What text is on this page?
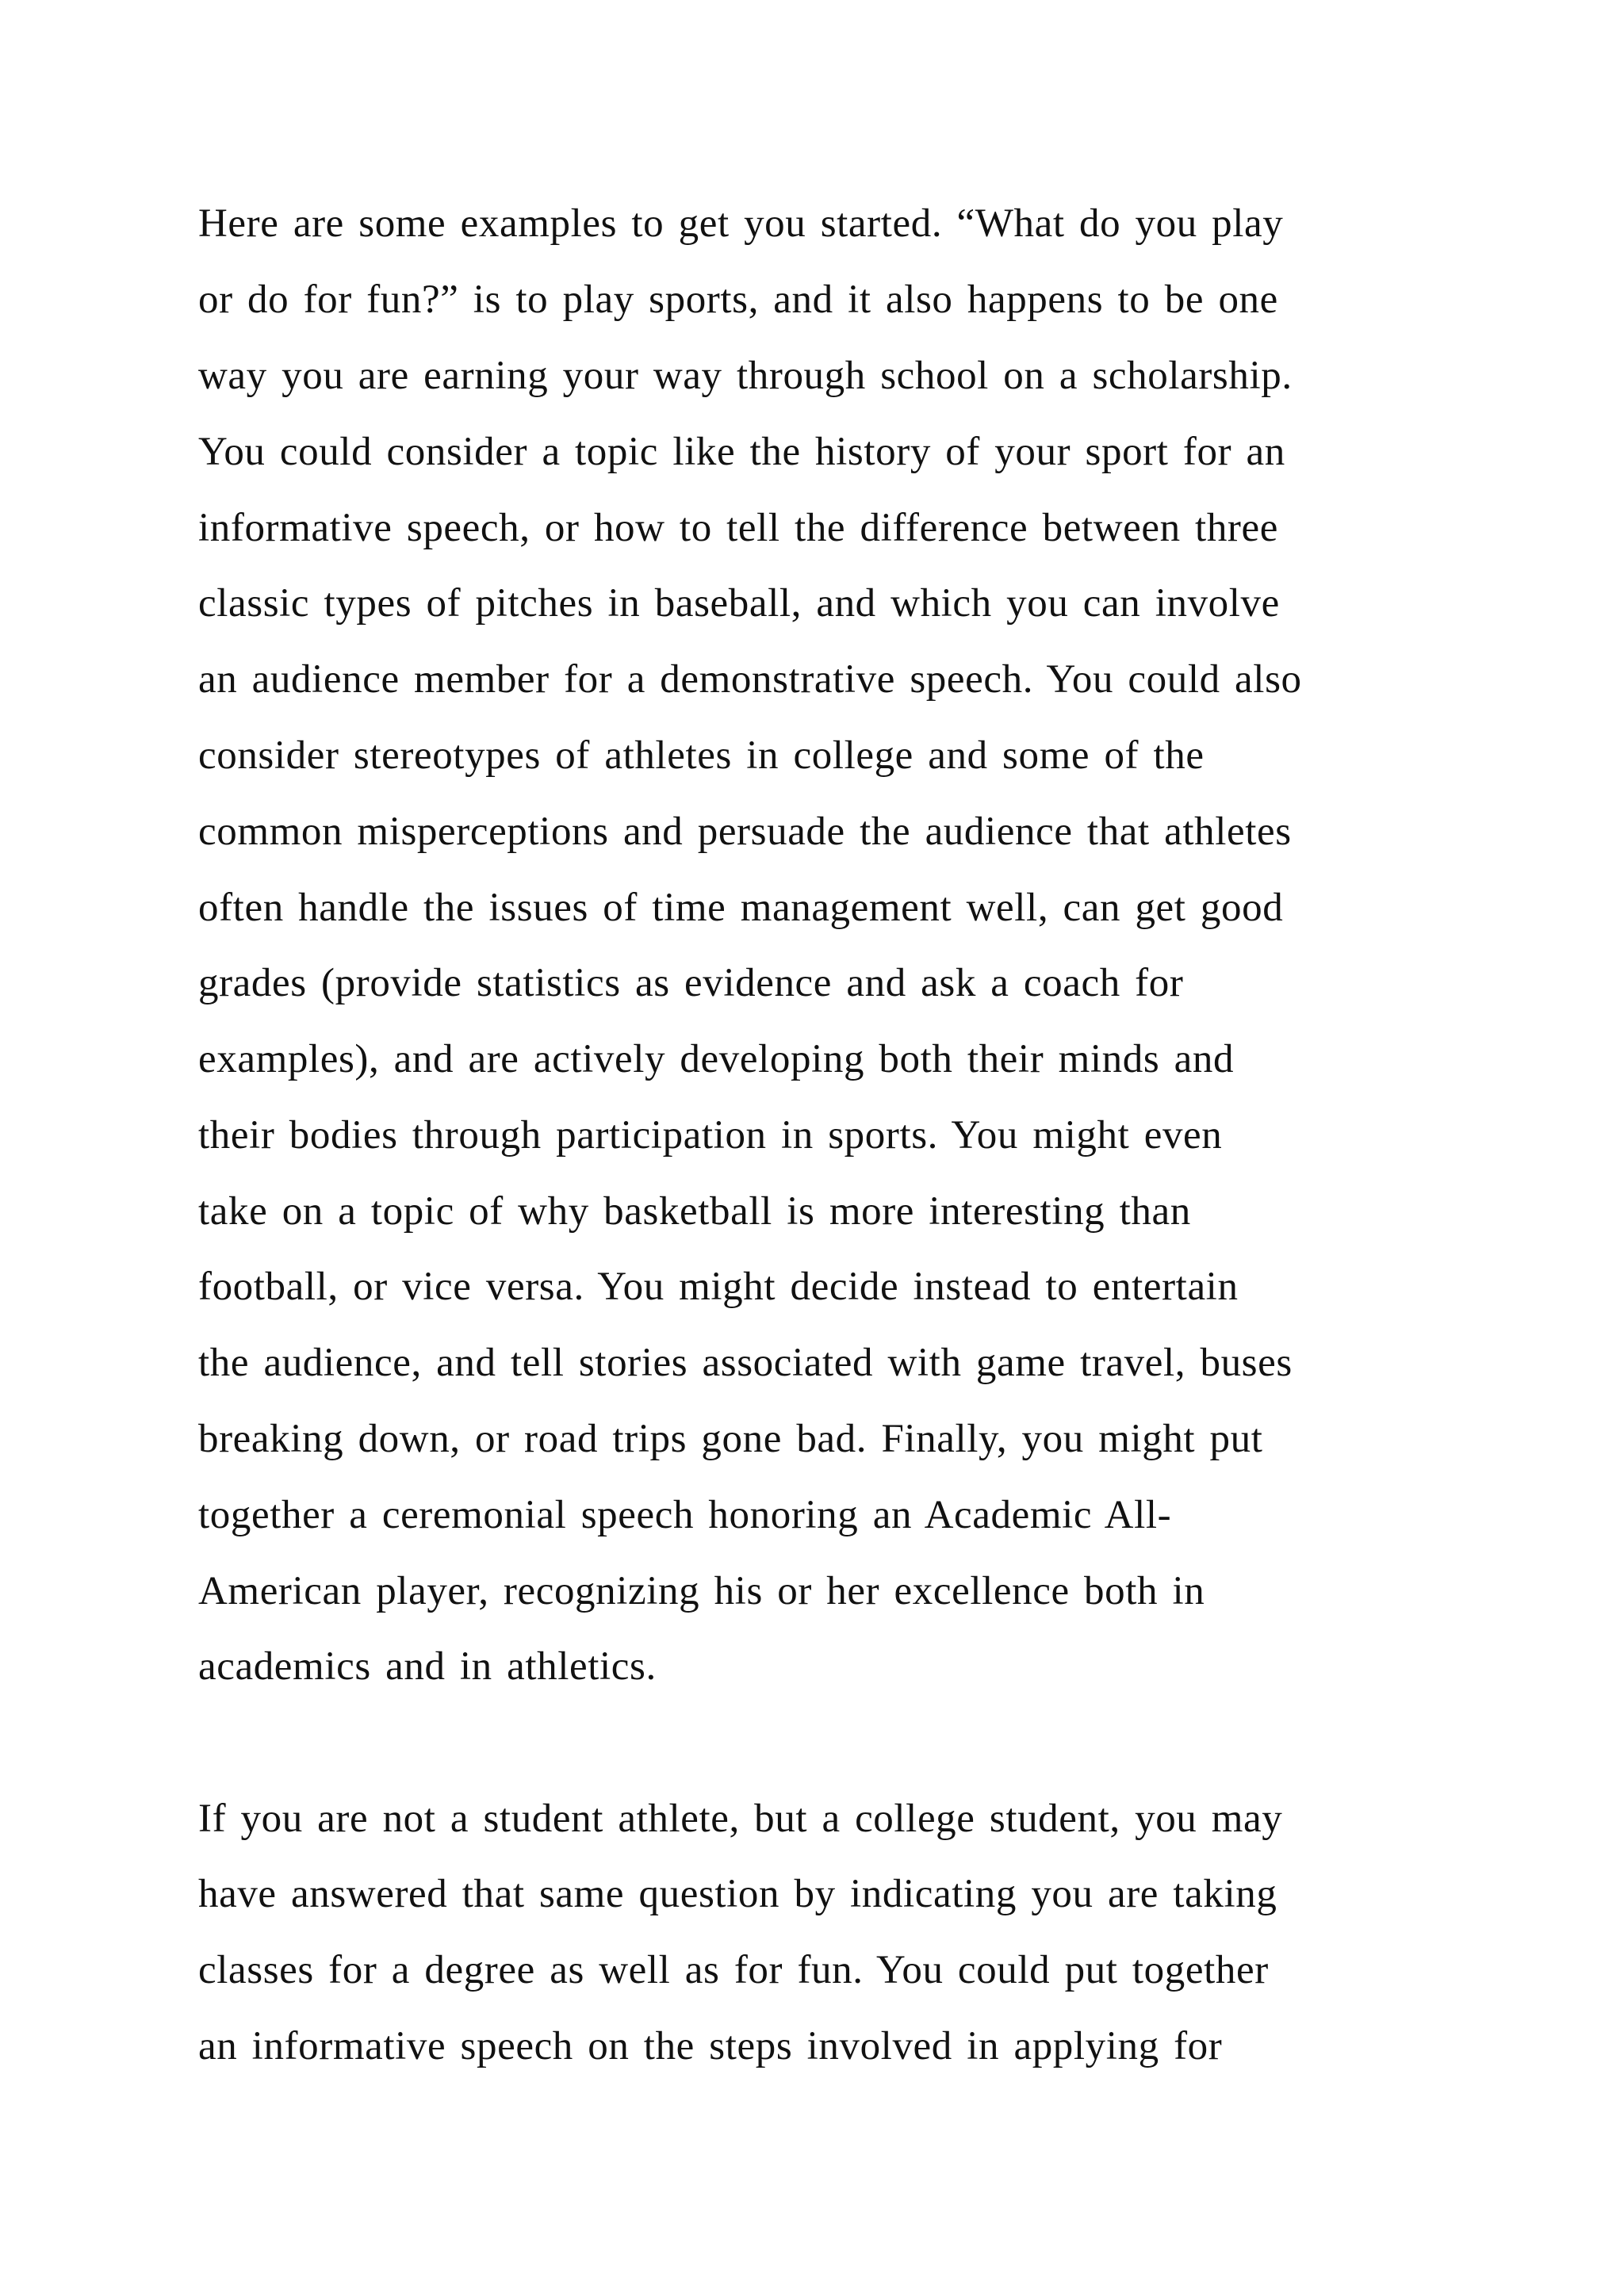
Here are some examples to get you started. “What do you play

or do for fun?” is to play sports, and it also happens to be one

way you are earning your way through school on a scholarship.

You could consider a topic like the history of your sport for an

informative speech, or how to tell the difference between three

classic types of pitches in baseball, and which you can involve

an audience member for a demonstrative speech. You could also

consider stereotypes of athletes in college and some of the

common misperceptions and persuade the audience that athletes

often handle the issues of time management well, can get good

grades (provide statistics as evidence and ask a coach for

examples), and are actively developing both their minds and

their bodies through participation in sports. You might even

take on a topic of why basketball is more interesting than

football, or vice versa. You might decide instead to entertain

the audience, and tell stories associated with game travel, buses

breaking down, or road trips gone bad. Finally, you might put

together a ceremonial speech honoring an Academic All-

American player, recognizing his or her excellence both in

academics and in athletics.

If you are not a student athlete, but a college student, you may

have answered that same question by indicating you are taking

classes for a degree as well as for fun. You could put together

an informative speech on the steps involved in applying for
